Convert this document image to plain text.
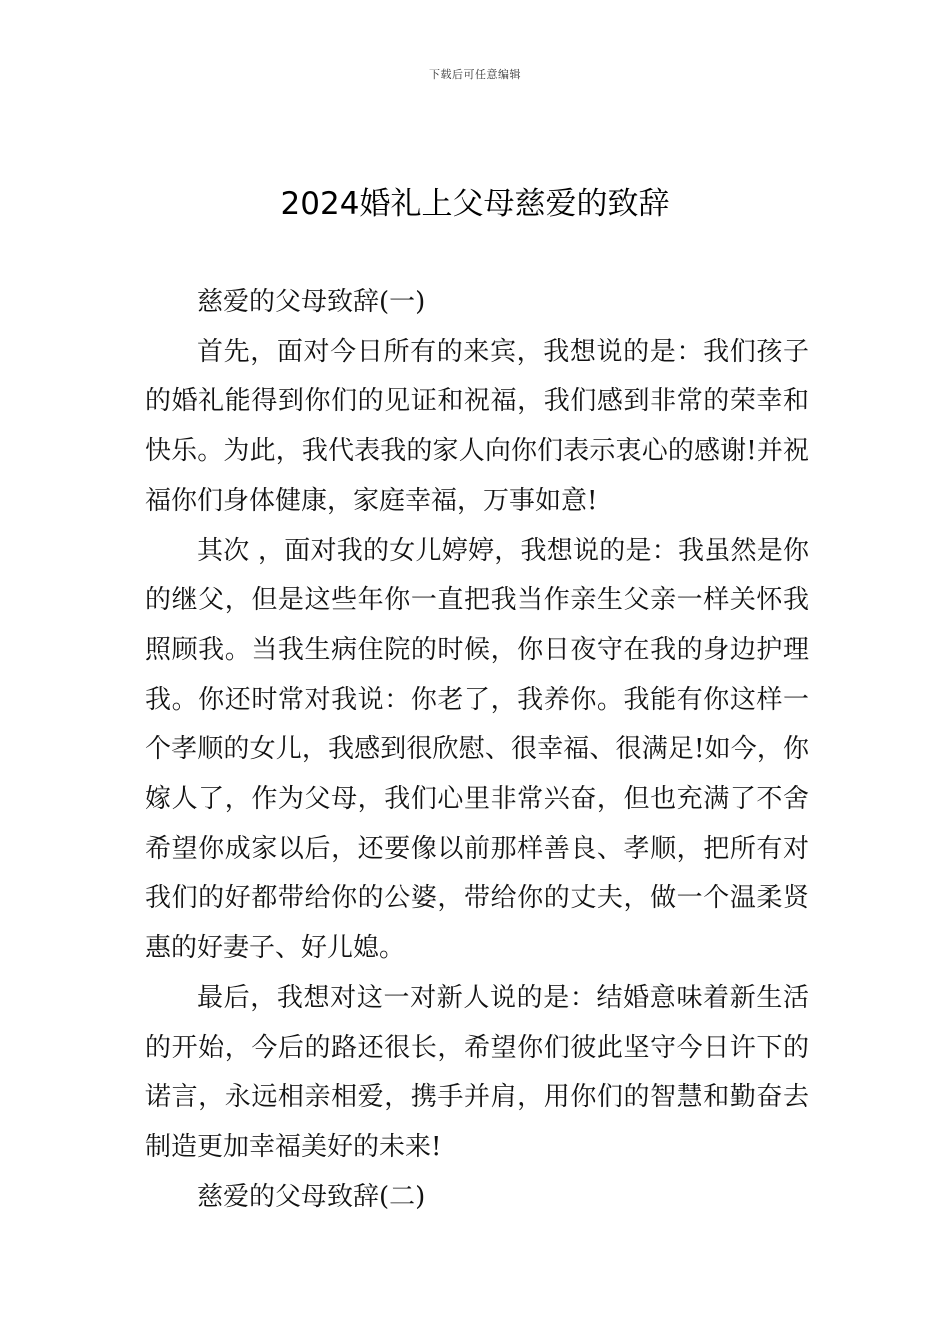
下载后可任意编辑
2024婚礼上父母慈爱的致辞

慈爱的父母致辞(一)

首先，面对今日所有的来宾，我想说的是：我们孩子的婚礼能得到你们的见证和祝福，我们感到非常的荣幸和快乐。为此，我代表我的家人向你们表示衷心的感谢!并祝福你们身体健康，家庭幸福，万事如意!

其次 ，面对我的女儿婷婷，我想说的是：我虽然是你的继父，但是这些年你一直把我当作亲生父亲一样关怀我照顾我。当我生病住院的时候，你日夜守在我的身边护理我。你还时常对我说：你老了，我养你。我能有你这样一个孝顺的女儿，我感到很欣慰、很幸福、很满足!如今，你嫁人了，作为父母，我们心里非常兴奋，但也充满了不舍希望你成家以后，还要像以前那样善良、孝顺，把所有对我们的好都带给你的公婆，带给你的丈夫，做一个温柔贤惠的好妻子、好儿媳。

最后，我想对这一对新人说的是：结婚意味着新生活的开始，今后的路还很长，希望你们彼此坚守今日许下的诺言，永远相亲相爱，携手并肩，用你们的智慧和勤奋去制造更加幸福美好的未来!

慈爱的父母致辞(二)
